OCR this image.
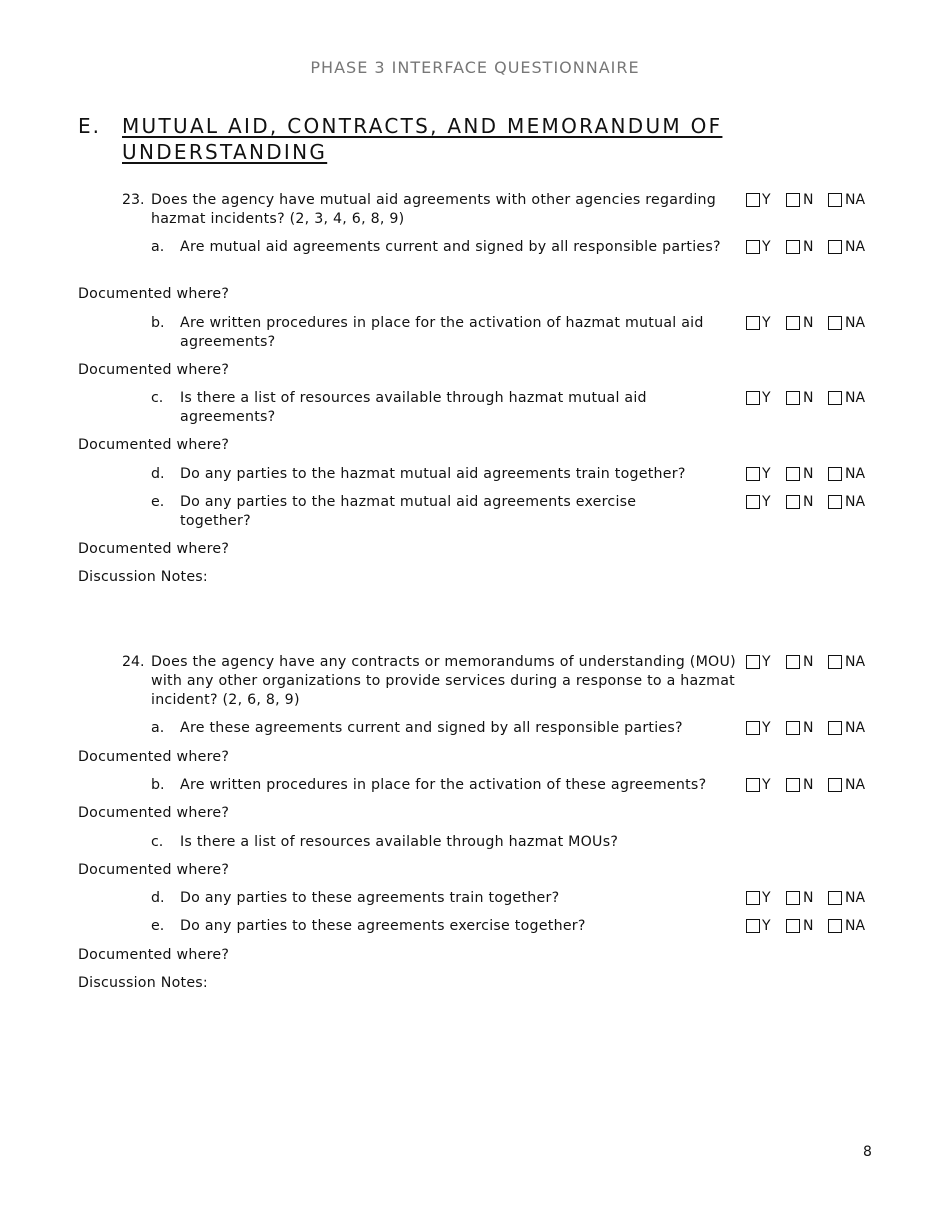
PHASE 3 INTERFACE QUESTIONNAIRE
E. MUTUAL AID, CONTRACTS, AND MEMORANDUM OF
UNDERSTANDING
23. Does the agency have mutual aid agreements with other agencies regarding hazmat incidents? (2, 3, 4, 6, 8, 9)
Y N NA
a. Are mutual aid agreements current and signed by all responsible parties?	Y N NA
Documented where?
b. Are written procedures in place for the activation of hazmat mutual aid agreements?
Y N NA
Documented where?
c. Is there a list of resources available through hazmat mutual aid agreements?
Y N NA
Documented where?
d. Do any parties to the hazmat mutual aid agreements train together?	Y N NA
e. Do any parties to the hazmat mutual aid agreements exercise together?
Y N NA
Documented where?
Discussion Notes:
24. Does the agency have any contracts or memorandums of understanding (MOU) with any other organizations to provide services during a response to a hazmat incident? (2, 6, 8, 9)
Y N NA
a. Are these agreements current and signed by all responsible parties?	Y N NA
Documented where?
b. Are written procedures in place for the activation of these agreements?	Y N NA
Documented where?
c. Is there a list of resources available through hazmat MOUs?
Documented where?
d. Do any parties to these agreements train together?	Y N NA
e. Do any parties to these agreements exercise together?	Y N NA
Documented where?
Discussion Notes:
8
